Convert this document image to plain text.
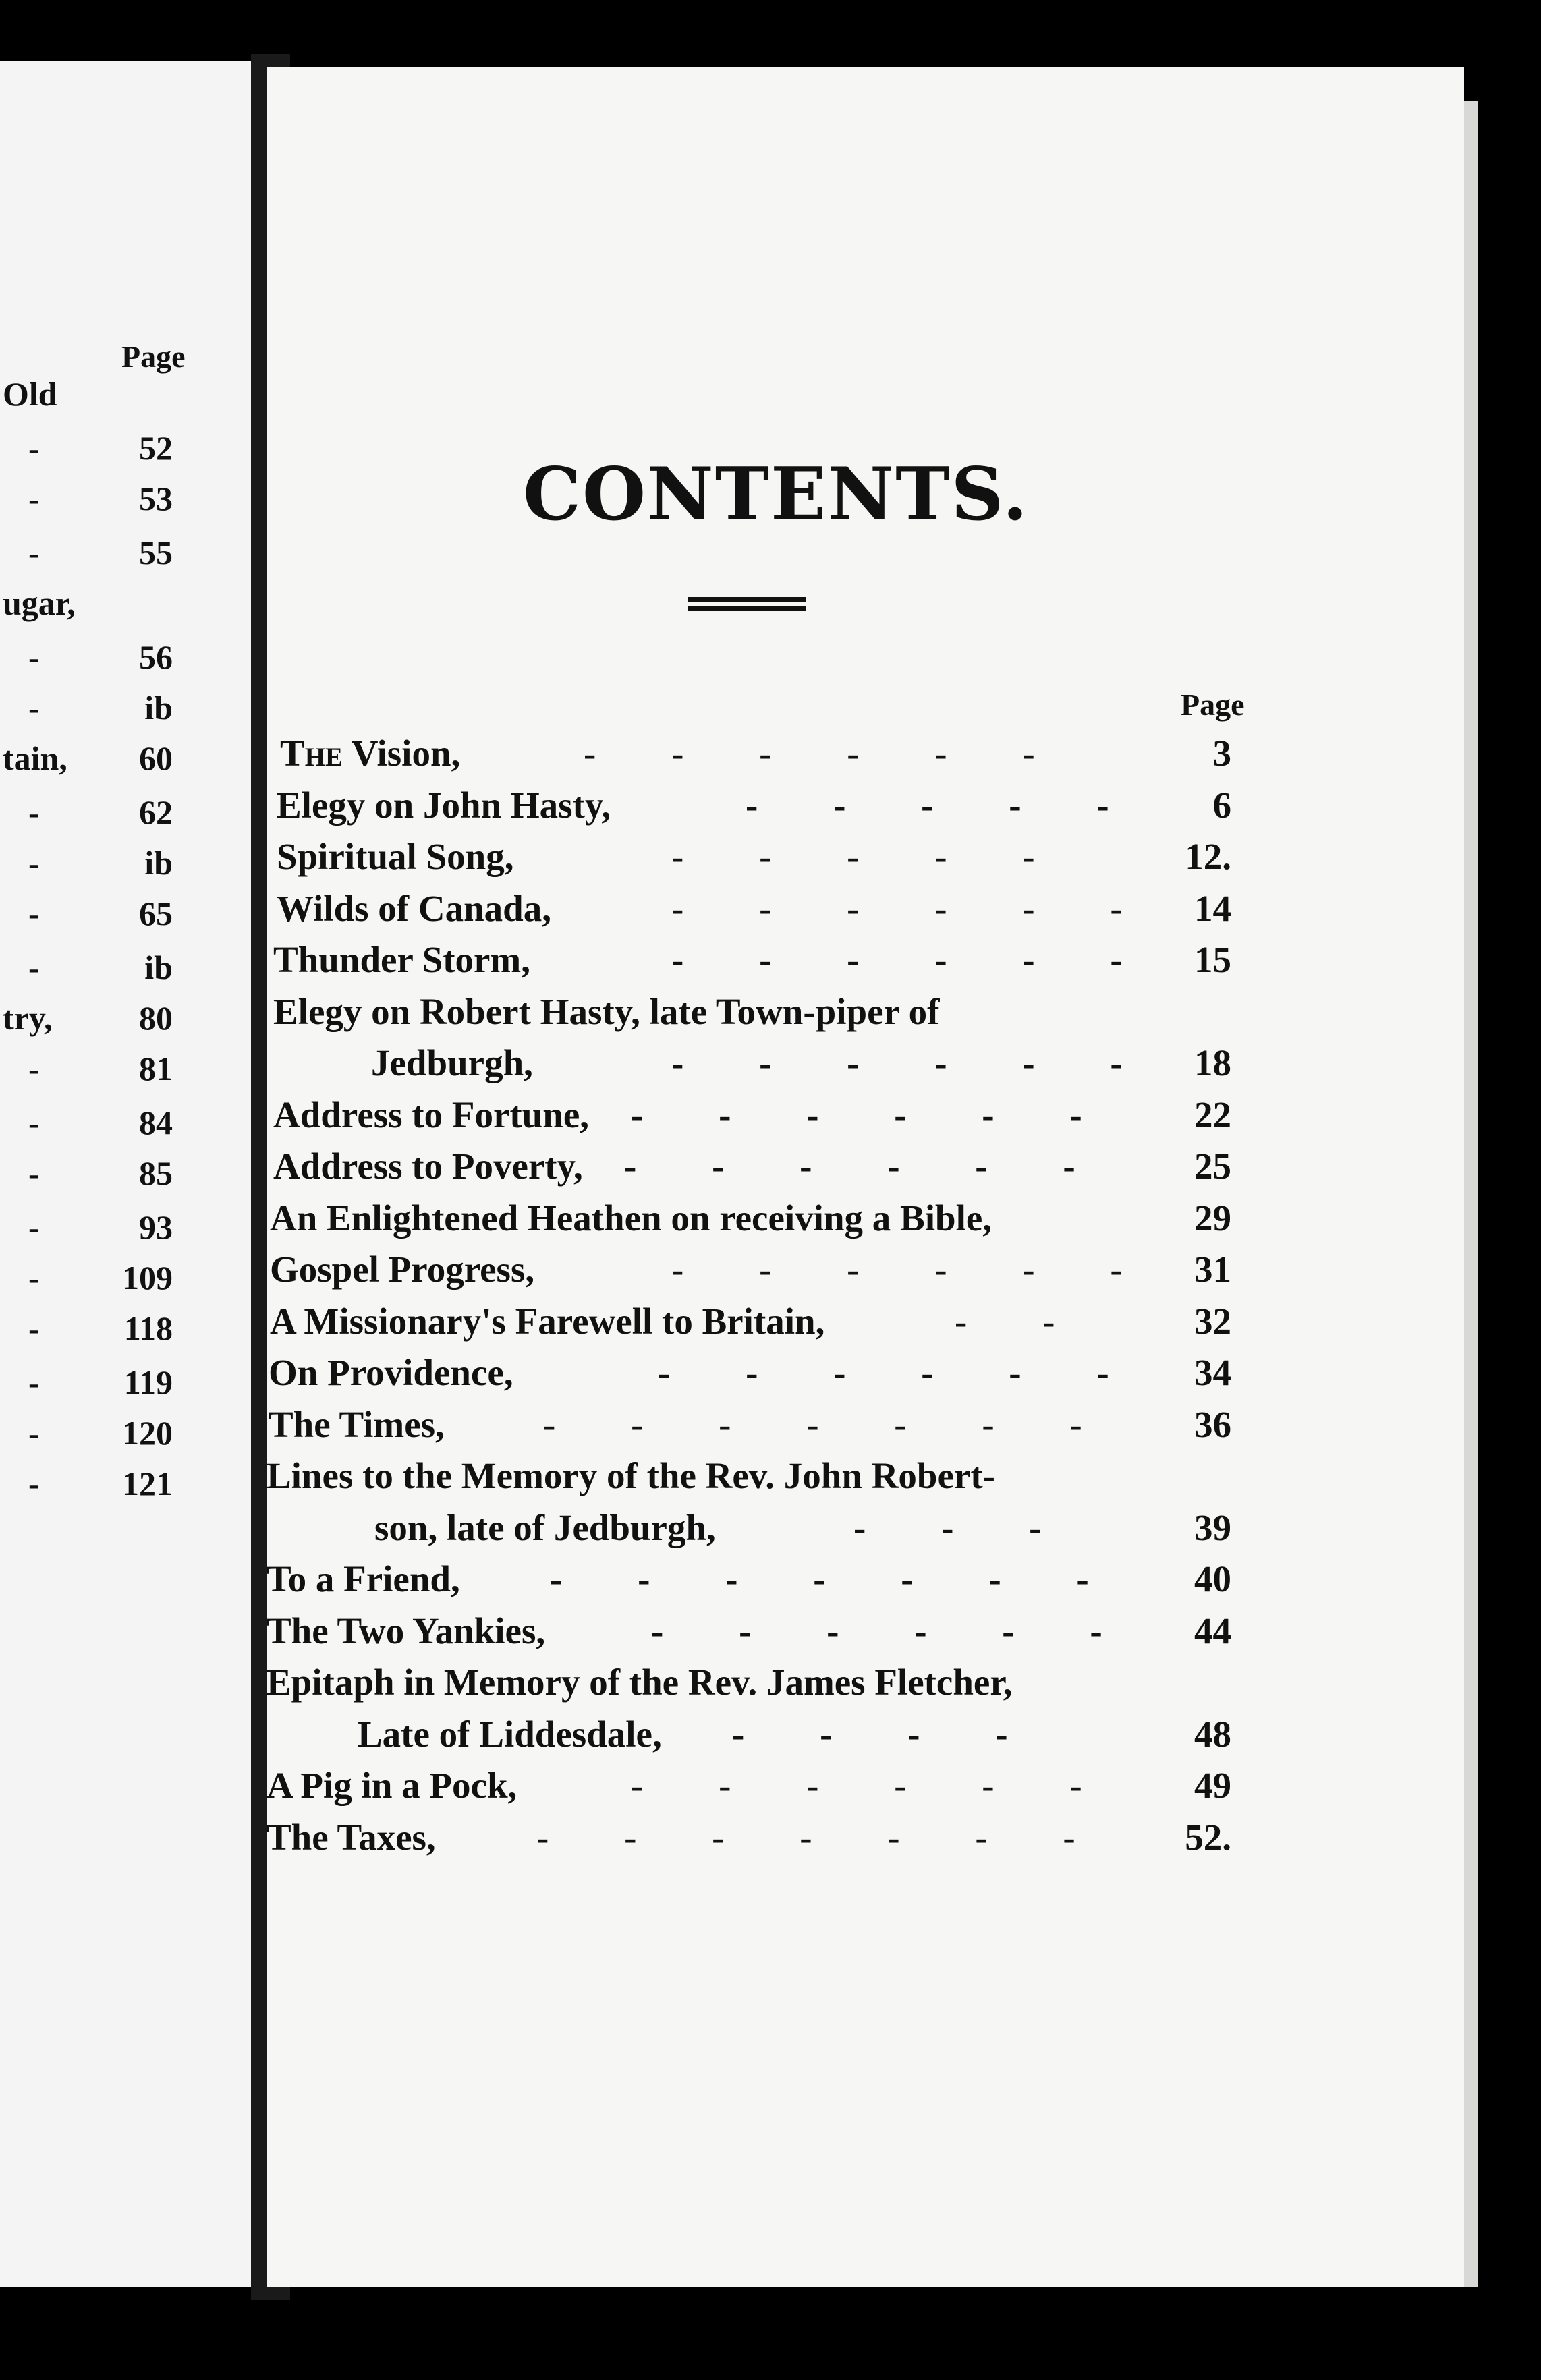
Page
Old
-	52
-	53
-	55
ugar,
-	56
-	ib
tain, 60
-	62
-	ib
-	65
-	ib
try,	80
-	81
-	84
-	85
-	93
- 109
-	118
-	119
- 120
- 121
CONTENTS.
Page
The Vision,	- - - - - -	3
Elegy on John Hasty,	- - - - -	6
Spiritual Song,	- - - - -	12.
Wilds of Canada,	- - - - - -	14
Thunder Storm,	- - - - - -	15
Elegy on Robert Hasty, late Town-piper of
Jedburgh,	- - - - - -	18
Address to Fortune, - - - - - -	22
Address to Poverty, - - - - - -	25
An Enlightened Heathen on receiving a Bible,	29
Gospel Progress,	- - - - - -	31
A Missionary's Farewell to Britain,	- -	32
On Providence,	- - - - - -	34
The Times,	- - - - - - -	36
Lines to the Memory of the Rev. John Robert-
son, late of Jedburgh,	- - -	39
To a Friend, - - - - - - -	40
The Two Yankies,	- - - - - -	44
Epitaph in Memory of the Rev. James Fletcher,
Late of Liddesdale, - - - -	48
A Pig in a Pock,	- - - - - -	49
The Taxes,	- - - - - - -	52.
